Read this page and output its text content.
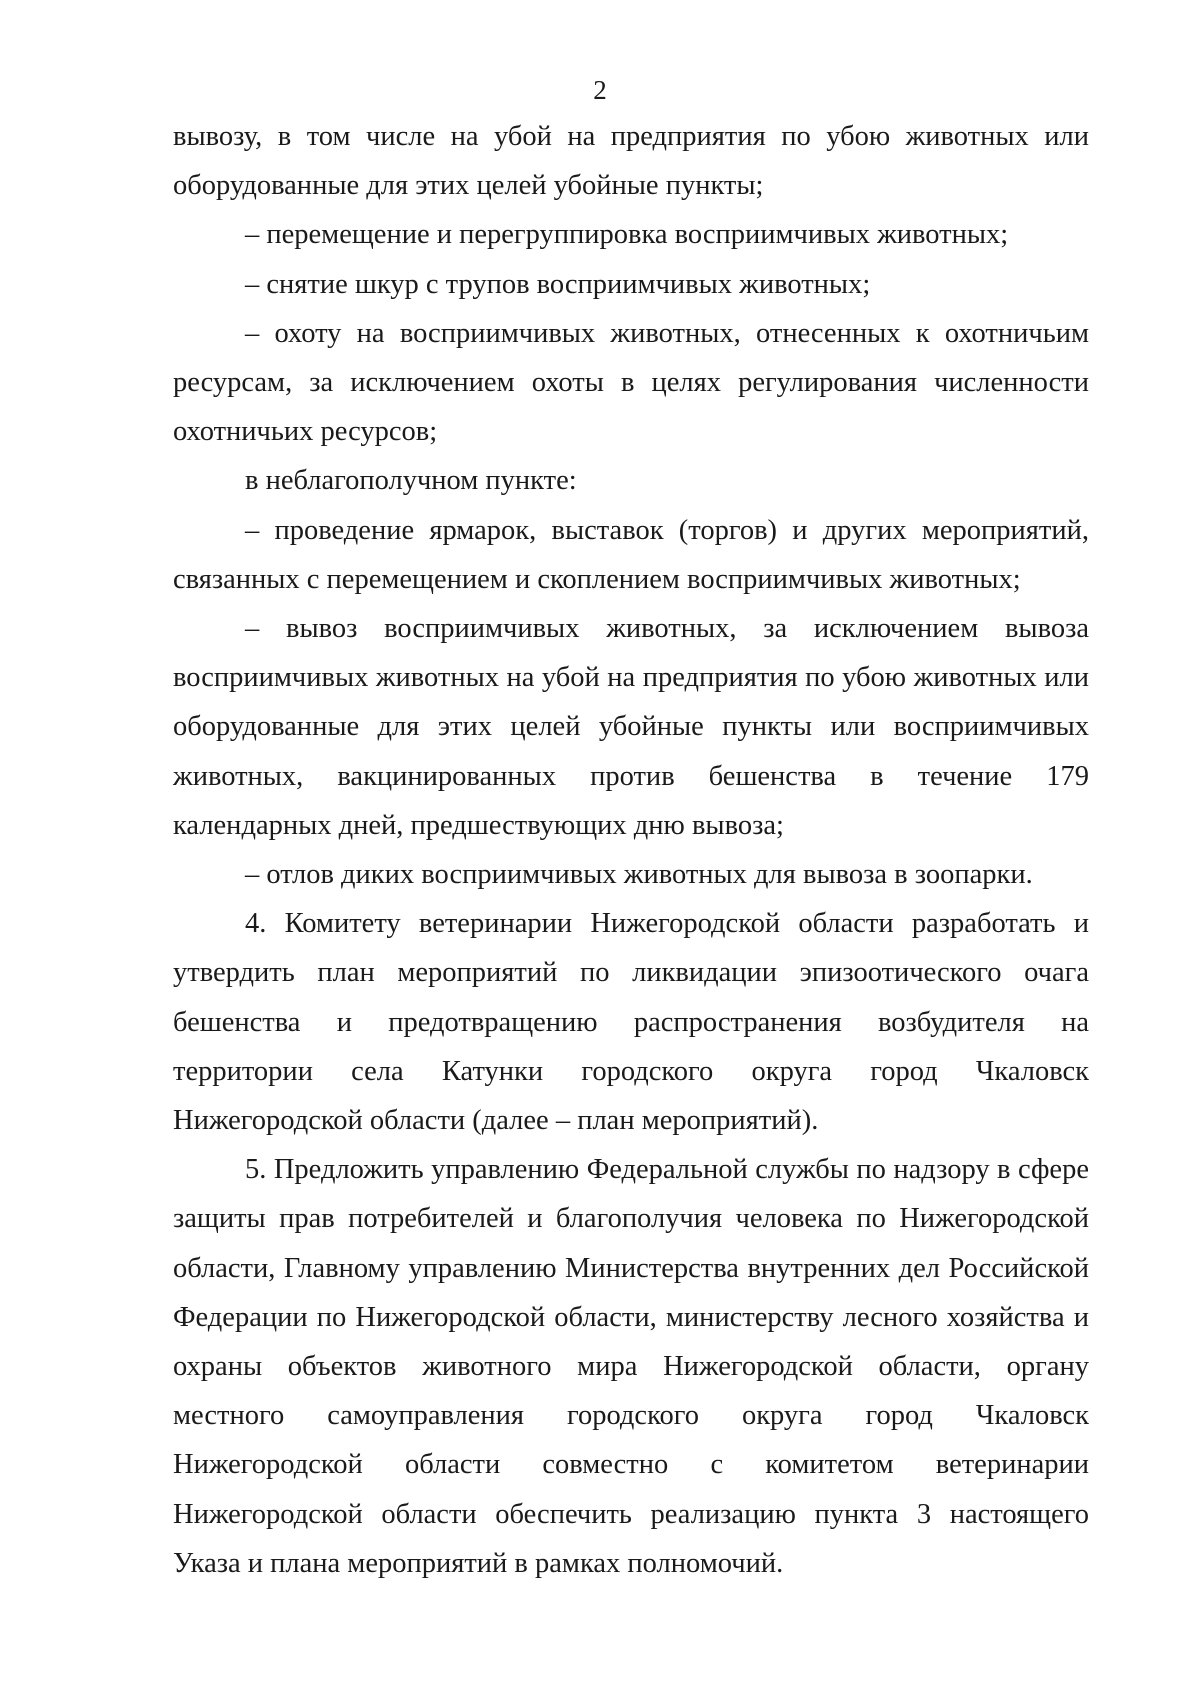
2

вывозу, в том числе на убой на предприятия по убою животных или оборудованные для этих целей убойные пункты;

– перемещение и перегруппировка восприимчивых животных;

– снятие шкур с трупов восприимчивых животных;

– охоту на восприимчивых животных, отнесенных к охотничьим ресурсам, за исключением охоты в целях регулирования численности охотничьих ресурсов;

в неблагополучном пункте:

– проведение ярмарок, выставок (торгов) и других мероприятий, связанных с перемещением и скоплением восприимчивых животных;

– вывоз восприимчивых животных, за исключением вывоза восприимчивых животных на убой на предприятия по убою животных или оборудованные для этих целей убойные пункты или восприимчивых животных, вакцинированных против бешенства в течение 179 календарных дней, предшествующих дню вывоза;

– отлов диких восприимчивых животных для вывоза в зоопарки.

4. Комитету ветеринарии Нижегородской области разработать и утвердить план мероприятий по ликвидации эпизоотического очага бешенства и предотвращению распространения возбудителя на территории села Катунки городского округа город Чкаловск Нижегородской области (далее – план мероприятий).

5. Предложить управлению Федеральной службы по надзору в сфере защиты прав потребителей и благополучия человека по Нижегородской области, Главному управлению Министерства внутренних дел Российской Федерации по Нижегородской области, министерству лесного хозяйства и охраны объектов животного мира Нижегородской области, органу местного самоуправления городского округа город Чкаловск Нижегородской области совместно с комитетом ветеринарии Нижегородской области обеспечить реализацию пункта 3 настоящего Указа и плана мероприятий в рамках полномочий.
